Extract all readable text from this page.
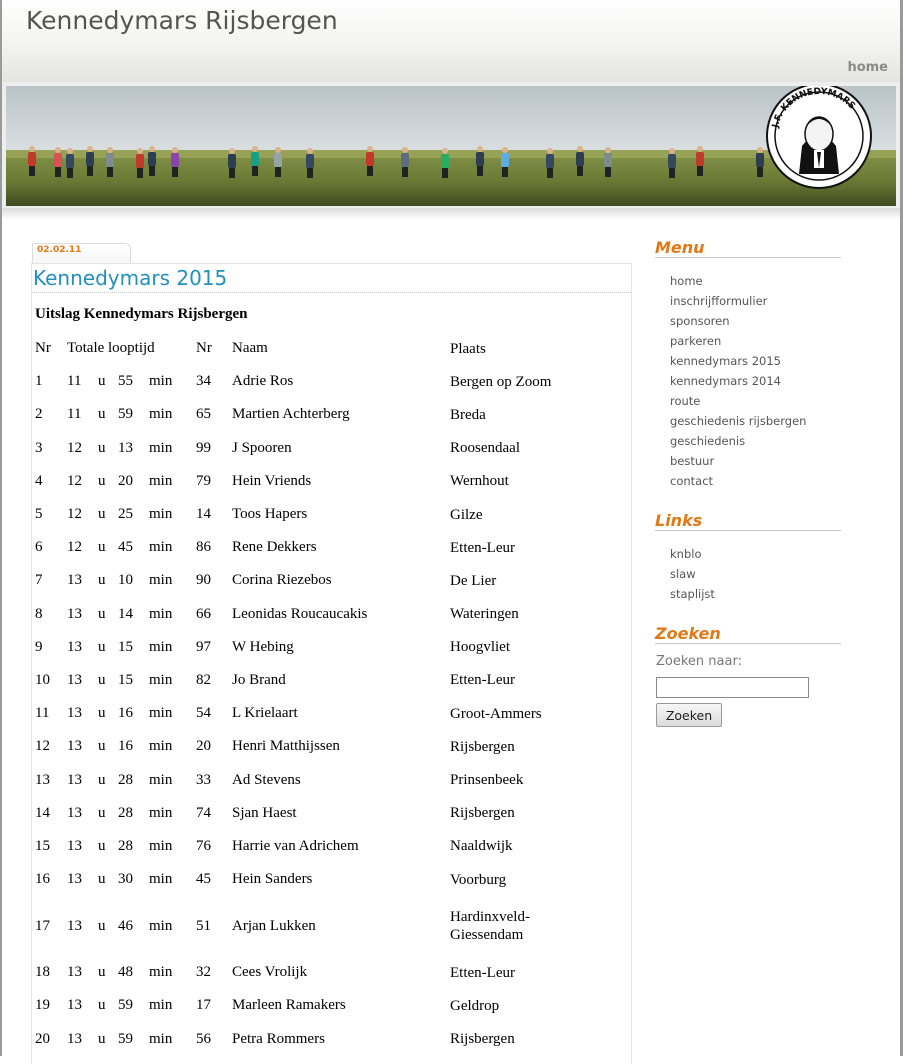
Kennedymars Rijsbergen
home
J.F. KENNEDYMARS
02.02.11
Kennedymars 2015
Uitslag Kennedymars Rijsbergen
Nr	Totale looptijd				Nr	Naam	Plaats
1	11	u	55	min	34	Adrie Ros	Bergen op Zoom
2	11	u	59	min	65	Martien Achterberg	Breda
3	12	u	13	min	99	J Spooren	Roosendaal
4	12	u	20	min	79	Hein Vriends	Wernhout
5	12	u	25	min	14	Toos Hapers	Gilze
6	12	u	45	min	86	Rene Dekkers	Etten-Leur
7	13	u	10	min	90	Corina Riezebos	De Lier
8	13	u	14	min	66	Leonidas Roucaucakis	Wateringen
9	13	u	15	min	97	W Hebing	Hoogvliet
10	13	u	15	min	82	Jo Brand	Etten-Leur
11	13	u	16	min	54	L Krielaart	Groot-Ammers
12	13	u	16	min	20	Henri Matthijssen	Rijsbergen
13	13	u	28	min	33	Ad Stevens	Prinsenbeek
14	13	u	28	min	74	Sjan Haest	Rijsbergen
15	13	u	28	min	76	Harrie van Adrichem	Naaldwijk
16	13	u	30	min	45	Hein Sanders	Voorburg
17	13	u	46	min	51	Arjan Lukken	Hardinxveld-Giessendam
18	13	u	48	min	32	Cees Vrolijk	Etten-Leur
19	13	u	59	min	17	Marleen Ramakers	Geldrop
20	13	u	59	min	56	Petra Rommers	Rijsbergen
Menu
home
inschrijfformulier
sponsoren
parkeren
kennedymars 2015
kennedymars 2014
route
geschiedenis rijsbergen
geschiedenis
bestuur
contact
Links
knblo
slaw
staplijst
Zoeken
Zoeken naar:
Zoeken
